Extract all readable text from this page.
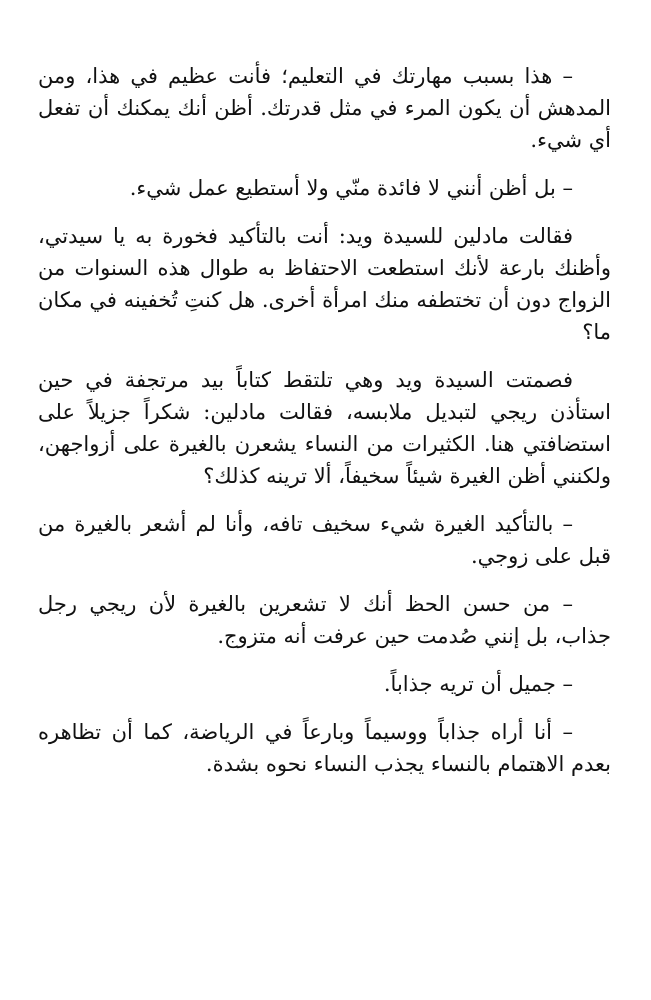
– هذا بسبب مهارتك في التعليم؛ فأنت عظيم في هذا، ومن المدهش أن يكون المرء في مثل قدرتك. أظن أنك يمكنك أن تفعل أي شيء.

– بل أظن أنني لا فائدة منّي ولا أستطيع عمل شيء.

فقالت مادلين للسيدة ويد: أنت بالتأكيد فخورة به يا سيدتي، وأظنك بارعة لأنك استطعت الاحتفاظ به طوال هذه السنوات من الزواج دون أن تختطفه منك امرأة أخرى. هل كنتِ تُخفينه في مكان ما؟

فصمتت السيدة ويد وهي تلتقط كتاباً بيد مرتجفة في حين استأذن ريجي لتبديل ملابسه، فقالت مادلين: شكراً جزيلاً على استضافتي هنا. الكثيرات من النساء يشعرن بالغيرة على أزواجهن، ولكنني أظن الغيرة شيئاً سخيفاً، ألا ترينه كذلك؟

– بالتأكيد الغيرة شيء سخيف تافه، وأنا لم أشعر بالغيرة من قبل على زوجي.

– من حسن الحظ أنك لا تشعرين بالغيرة لأن ريجي رجل جذاب، بل إنني صُدمت حين عرفت أنه متزوج.

– جميل أن تريه جذاباً.

– أنا أراه جذاباً ووسيماً وبارعاً في الرياضة، كما أن تظاهره بعدم الاهتمام بالنساء يجذب النساء نحوه بشدة.
